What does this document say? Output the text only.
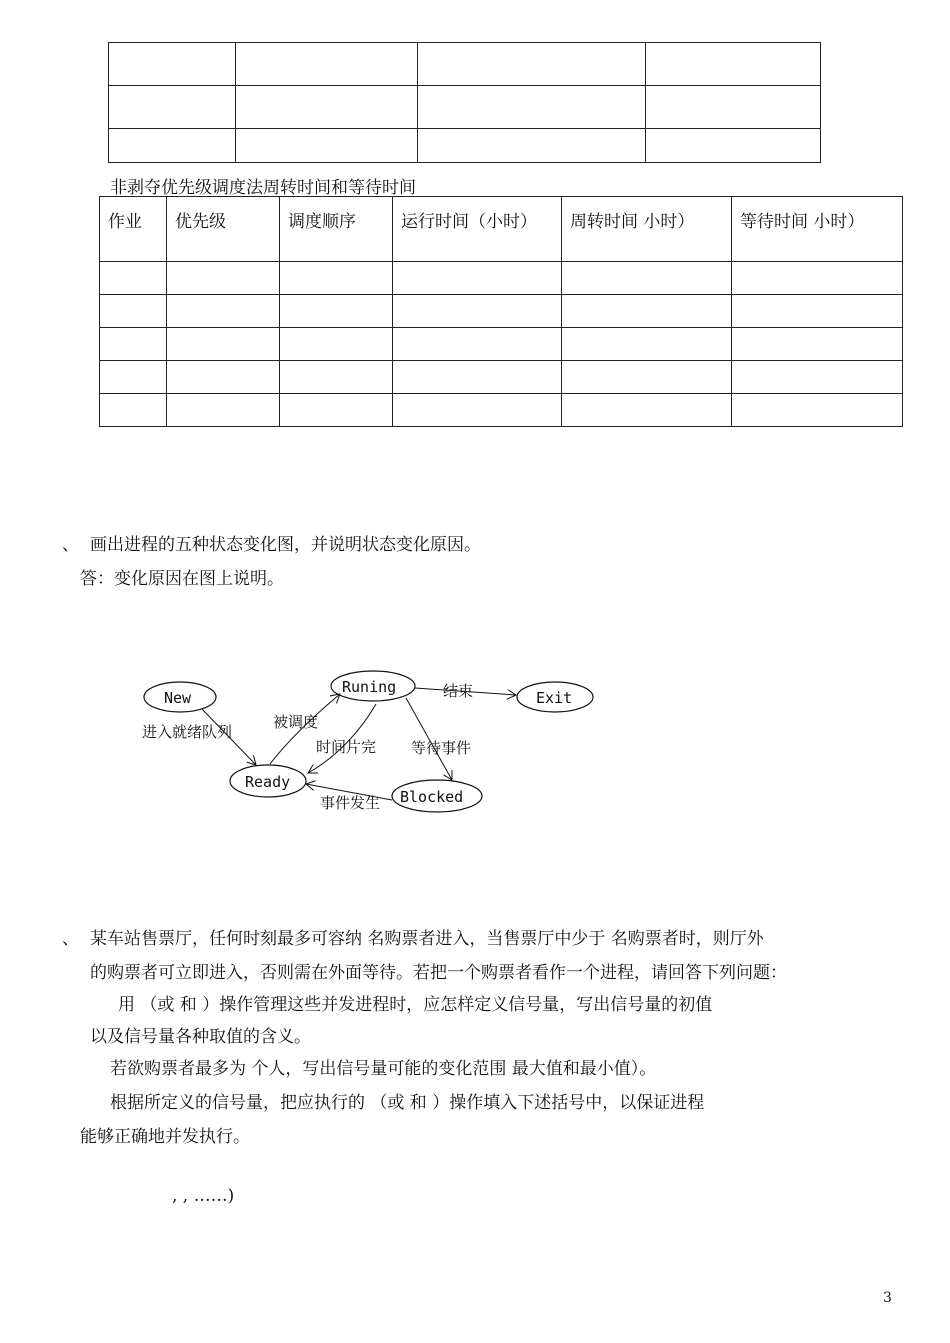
非剥夺优先级调度法周转时间和等待时间
作业	优先级	调度顺序	运行时间（小时）	周转时间 小时）	等待时间 小时）

、 画出进程的五种状态变化图，并说明状态变化原因。
答：变化原因在图上说明。
New
Runing
Exit
Ready
Blocked
进入就绪队列
被调度
结束
时间片完 等待事件
事件发生
、 某车站售票厅，任何时刻最多可容纳 名购票者进入，当售票厅中少于 名购票者时，则厅外
的购票者可立即进入，否则需在外面等待。若把一个购票者看作一个进程，请回答下列问题：
用 （或 和 ）操作管理这些并发进程时，应怎样定义信号量，写出信号量的初值
以及信号量各种取值的含义。
若欲购票者最多为 个人，写出信号量可能的变化范围 最大值和最小值）。
根据所定义的信号量，把应执行的 （或 和 ）操作填入下述括号中，以保证进程
能够正确地并发执行。
, , ……)
3
